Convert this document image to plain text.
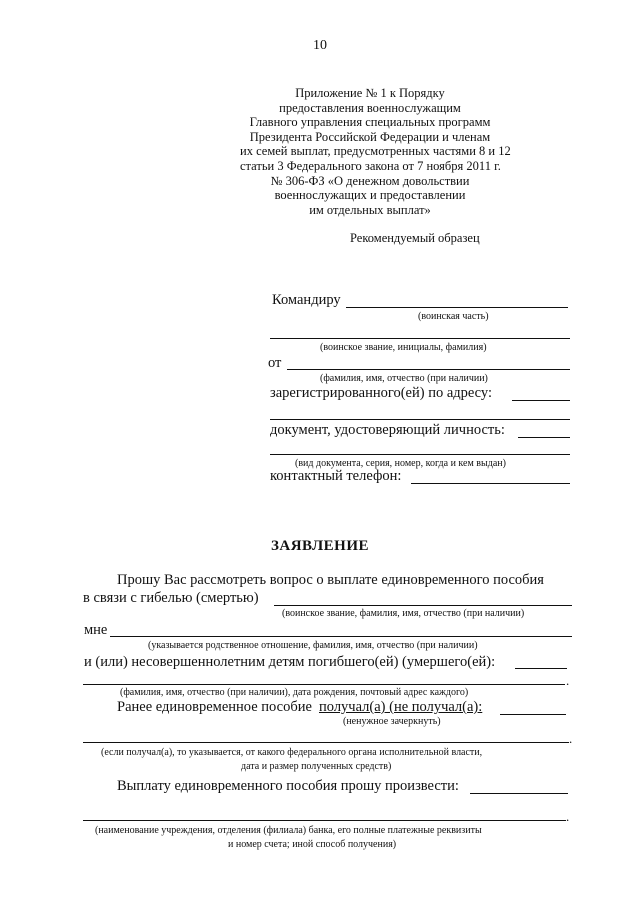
10
Приложение № 1 к Порядку
предоставления военнослужащим
Главного управления специальных программ
Президента Российской Федерации и членам
их семей выплат, предусмотренных частями 8 и 12
статьи 3 Федерального закона от 7 ноября 2011 г.
№ 306-ФЗ «О денежном довольствии
военнослужащих и предоставлении
им отдельных выплат»
Рекомендуемый образец
Командиру
(воинская часть)
(воинское звание, инициалы, фамилия)
от
(фамилия, имя, отчество (при наличии)
зарегистрированного(ей) по адресу:
документ, удостоверяющий личность:
(вид документа, серия, номер, когда и кем выдан)
контактный телефон:
ЗАЯВЛЕНИЕ
Прошу Вас рассмотреть вопрос о выплате единовременного пособия
в связи с гибелью (смертью)
(воинское звание, фамилия, имя, отчество (при наличии)
мне
(указывается родственное отношение, фамилия, имя, отчество (при наличии)
и (или) несовершеннолетним детям погибшего(ей) (умершего(ей):
.
(фамилия, имя, отчество (при наличии), дата рождения, почтовый адрес каждого)
Ранее единовременное пособие получал(а) (не получал(а):
(ненужное зачеркнуть)
.
(если получал(а), то указывается, от какого федерального органа исполнительной власти,
дата и размер полученных средств)
Выплату единовременного пособия прошу произвести:
.
(наименование учреждения, отделения (филиала) банка, его полные платежные реквизиты
и номер счета; иной способ получения)
